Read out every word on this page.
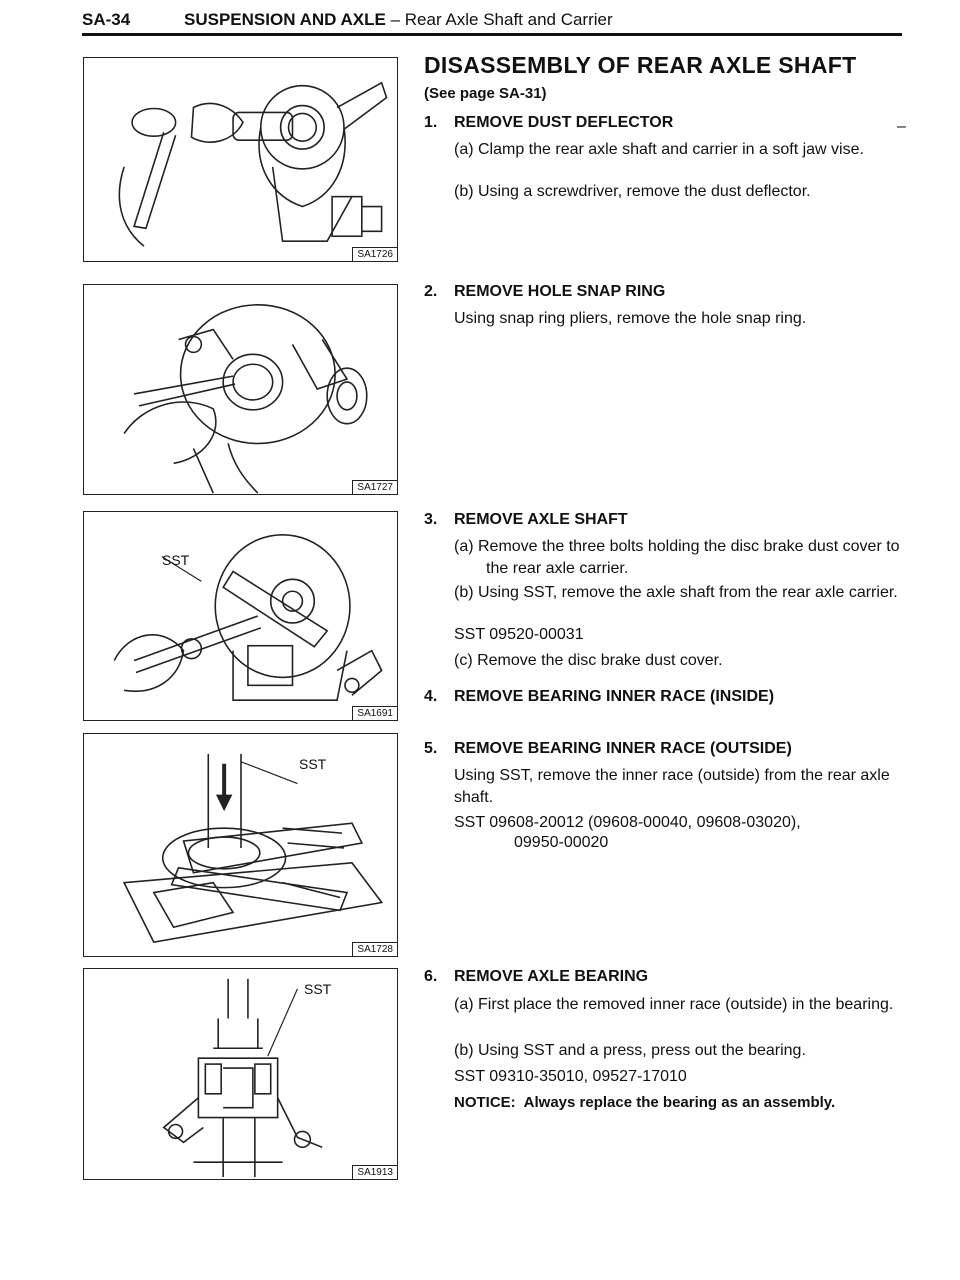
SA-34	SUSPENSION AND AXLE – Rear Axle Shaft and Carrier
SA1726
SA1727
SST
SA1691
SST
SA1728
SST
SA1913
DISASSEMBLY OF REAR AXLE SHAFT
(See page SA-31)
–
1. REMOVE DUST DEFLECTOR
(a) Clamp the rear axle shaft and carrier in a soft jaw vise.
(b) Using a screwdriver, remove the dust deflector.
2. REMOVE HOLE SNAP RING
Using snap ring pliers, remove the hole snap ring.
3. REMOVE AXLE SHAFT
(a) Remove the three bolts holding the disc brake dust cover to the rear axle carrier.
(b) Using SST, remove the axle shaft from the rear axle carrier.
SST 09520-00031
(c) Remove the disc brake dust cover.
4. REMOVE BEARING INNER RACE (INSIDE)
5. REMOVE BEARING INNER RACE (OUTSIDE)
Using SST, remove the inner race (outside) from the rear axle shaft.
SST 09608-20012 (09608-00040, 09608-03020),
09950-00020
6. REMOVE AXLE BEARING
(a) First place the removed inner race (outside) in the bearing.
(b) Using SST and a press, press out the bearing.
SST 09310-35010, 09527-17010
NOTICE: Always replace the bearing as an assembly.
